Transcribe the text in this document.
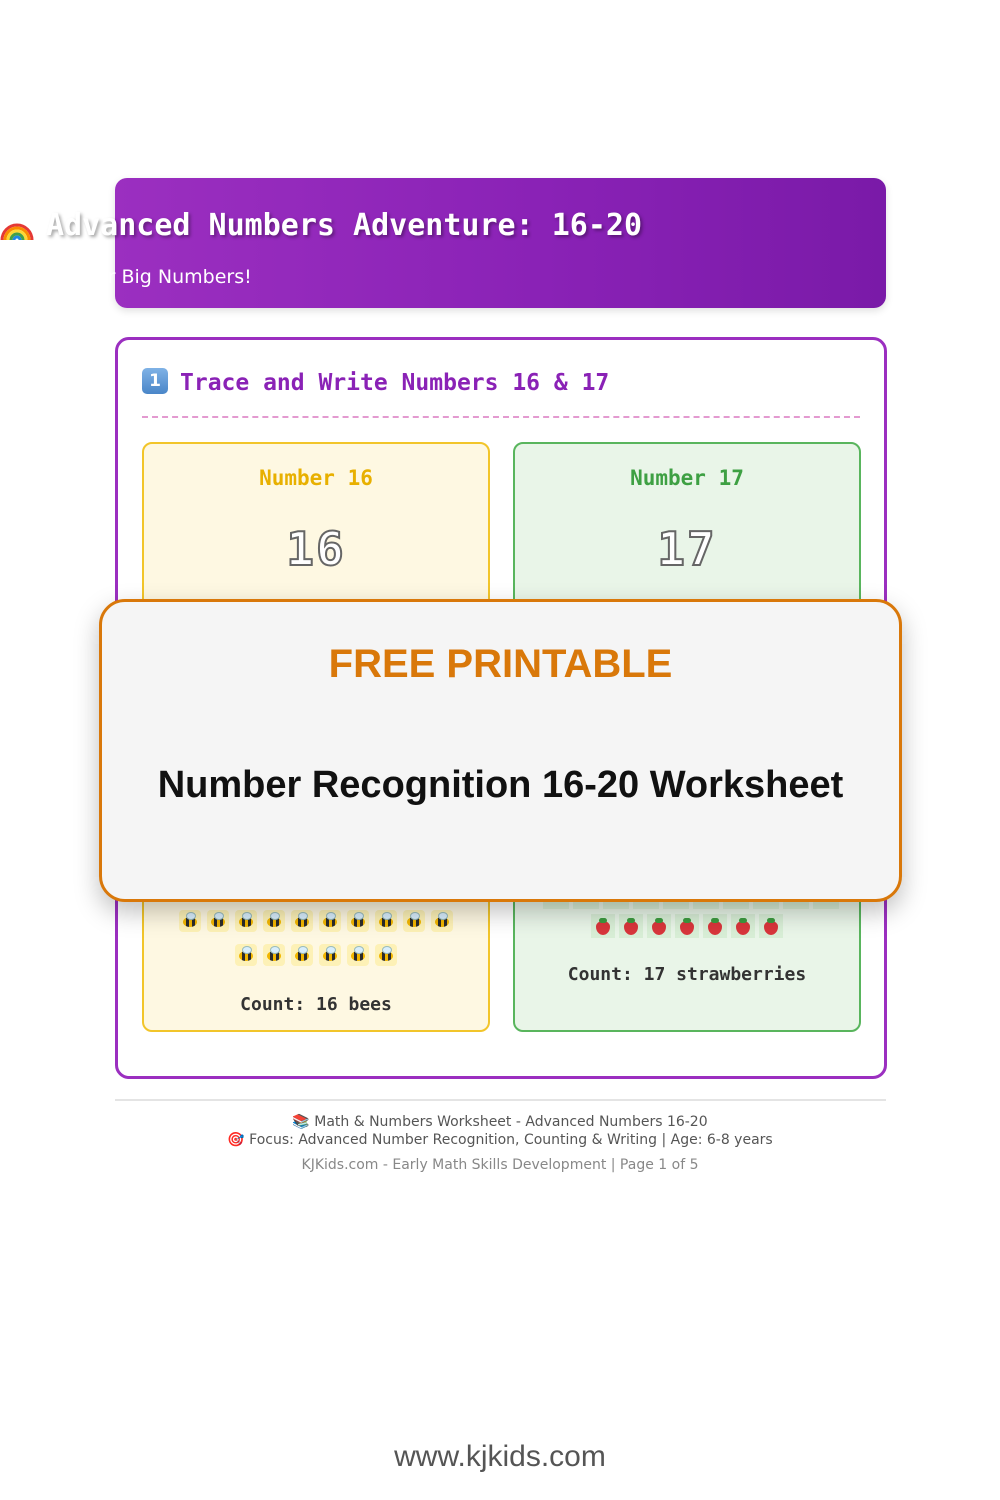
Advanced Numbers Adventure: 16-20
Let's Master Big Numbers!
1 Trace and Write Numbers 16 & 17
Number 16
16
Count: 16 bees
Number 17
17
Count: 17 strawberries
📚 Math & Numbers Worksheet - Advanced Numbers 16-20
🎯 Focus: Advanced Number Recognition, Counting & Writing | Age: 6-8 years
KJKids.com - Early Math Skills Development | Page 1 of 5
FREE PRINTABLE
Number Recognition 16-20 Worksheet
www.kjkids.com
